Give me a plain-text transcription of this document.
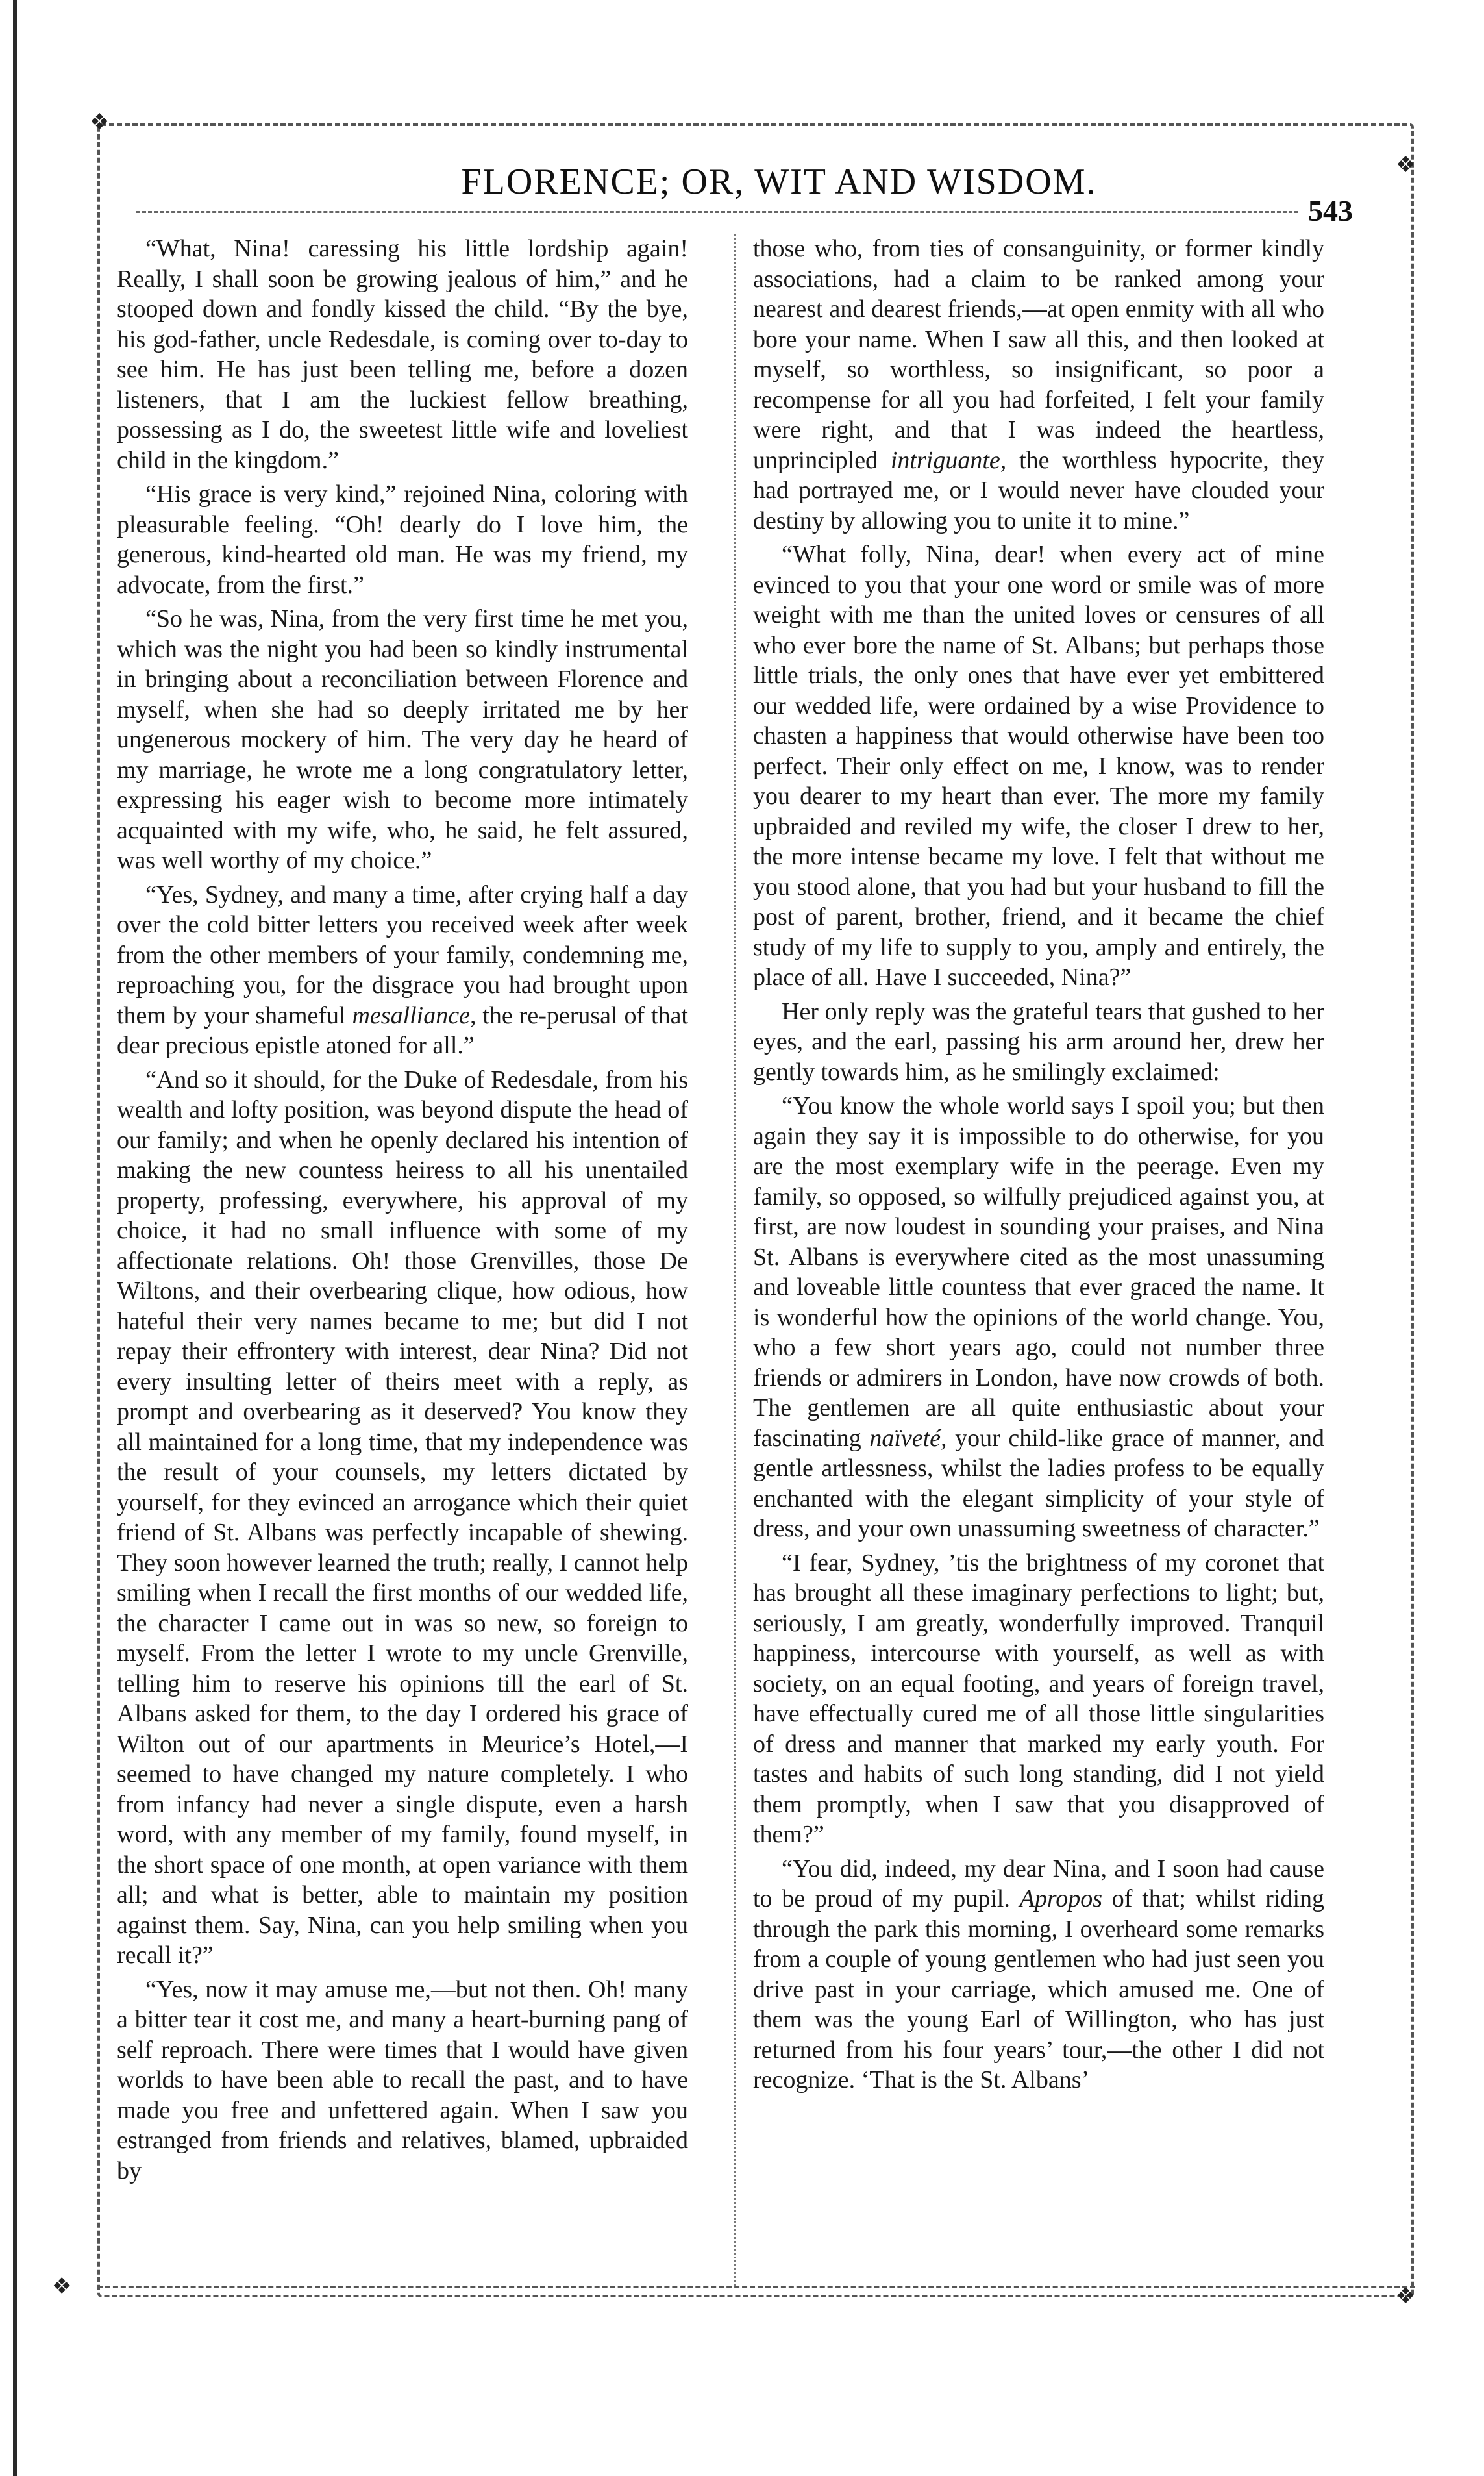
❖
❖
❖	❖
FLORENCE; OR, WIT AND WISDOM.
543

“What, Nina! caressing his little lordship again! Really, I shall soon be growing jealous of him,” and he stooped down and fondly kissed the child. “By the bye, his god-father, uncle Redesdale, is coming over to-day to see him. He has just been telling me, before a dozen listeners, that I am the luckiest fellow breathing, possessing as I do, the sweetest little wife and loveliest child in the kingdom.”

“His grace is very kind,” rejoined Nina, coloring with pleasurable feeling. “Oh! dearly do I love him, the generous, kind-hearted old man. He was my friend, my advocate, from the first.”

“So he was, Nina, from the very first time he met you, which was the night you had been so kindly instrumental in bringing about a reconciliation between Florence and myself, when she had so deeply irritated me by her ungenerous mockery of him. The very day he heard of my marriage, he wrote me a long congratulatory letter, expressing his eager wish to become more intimately acquainted with my wife, who, he said, he felt assured, was well worthy of my choice.”

“Yes, Sydney, and many a time, after crying half a day over the cold bitter letters you received week after week from the other members of your family, condemning me, reproaching you, for the disgrace you had brought upon them by your shameful mesalliance, the re-perusal of that dear precious epistle atoned for all.”

“And so it should, for the Duke of Redesdale, from his wealth and lofty position, was beyond dispute the head of our family; and when he openly declared his intention of making the new countess heiress to all his unentailed property, professing, everywhere, his approval of my choice, it had no small influence with some of my affectionate relations. Oh! those Grenvilles, those De Wiltons, and their overbearing clique, how odious, how hateful their very names became to me; but did I not repay their effrontery with interest, dear Nina? Did not every insulting letter of theirs meet with a reply, as prompt and overbearing as it deserved? You know they all maintained for a long time, that my independence was the result of your counsels, my letters dictated by yourself, for they evinced an arrogance which their quiet friend of St. Albans was perfectly incapable of shewing. They soon however learned the truth; really, I cannot help smiling when I recall the first months of our wedded life, the character I came out in was so new, so foreign to myself. From the letter I wrote to my uncle Grenville, telling him to reserve his opinions till the earl of St. Albans asked for them, to the day I ordered his grace of Wilton out of our apartments in Meurice’s Hotel,—I seemed to have changed my nature completely. I who from infancy had never a single dispute, even a harsh word, with any member of my family, found myself, in the short space of one month, at open variance with them all; and what is better, able to maintain my position against them. Say, Nina, can you help smiling when you recall it?”

“Yes, now it may amuse me,—but not then. Oh! many a bitter tear it cost me, and many a heart-burning pang of self reproach. There were times that I would have given worlds to have been able to recall the past, and to have made you free and unfettered again. When I saw you estranged from friends and relatives, blamed, upbraided by

those who, from ties of consanguinity, or former kindly associations, had a claim to be ranked among your nearest and dearest friends,—at open enmity with all who bore your name. When I saw all this, and then looked at myself, so worthless, so insignificant, so poor a recompense for all you had forfeited, I felt your family were right, and that I was indeed the heartless, unprincipled intriguante, the worthless hypocrite, they had portrayed me, or I would never have clouded your destiny by allowing you to unite it to mine.”

“What folly, Nina, dear! when every act of mine evinced to you that your one word or smile was of more weight with me than the united loves or censures of all who ever bore the name of St. Albans; but perhaps those little trials, the only ones that have ever yet embittered our wedded life, were ordained by a wise Providence to chasten a happiness that would otherwise have been too perfect. Their only effect on me, I know, was to render you dearer to my heart than ever. The more my family upbraided and reviled my wife, the closer I drew to her, the more intense became my love. I felt that without me you stood alone, that you had but your husband to fill the post of parent, brother, friend, and it became the chief study of my life to supply to you, amply and entirely, the place of all. Have I succeeded, Nina?”

Her only reply was the grateful tears that gushed to her eyes, and the earl, passing his arm around her, drew her gently towards him, as he smilingly exclaimed:

“You know the whole world says I spoil you; but then again they say it is impossible to do otherwise, for you are the most exemplary wife in the peerage. Even my family, so opposed, so wilfully prejudiced against you, at first, are now loudest in sounding your praises, and Nina St. Albans is everywhere cited as the most unassuming and loveable little countess that ever graced the name. It is wonderful how the opinions of the world change. You, who a few short years ago, could not number three friends or admirers in London, have now crowds of both. The gentlemen are all quite enthusiastic about your fascinating naïveté, your child-like grace of manner, and gentle artlessness, whilst the ladies profess to be equally enchanted with the elegant simplicity of your style of dress, and your own unassuming sweetness of character.”

“I fear, Sydney, ’tis the brightness of my coronet that has brought all these imaginary perfections to light; but, seriously, I am greatly, wonderfully improved. Tranquil happiness, intercourse with yourself, as well as with society, on an equal footing, and years of foreign travel, have effectually cured me of all those little singularities of dress and manner that marked my early youth. For tastes and habits of such long standing, did I not yield them promptly, when I saw that you disapproved of them?”

“You did, indeed, my dear Nina, and I soon had cause to be proud of my pupil. Apropos of that; whilst riding through the park this morning, I overheard some remarks from a couple of young gentlemen who had just seen you drive past in your carriage, which amused me. One of them was the young Earl of Willington, who has just returned from his four years’ tour,—the other I did not recognize. ‘That is the St. Albans’
